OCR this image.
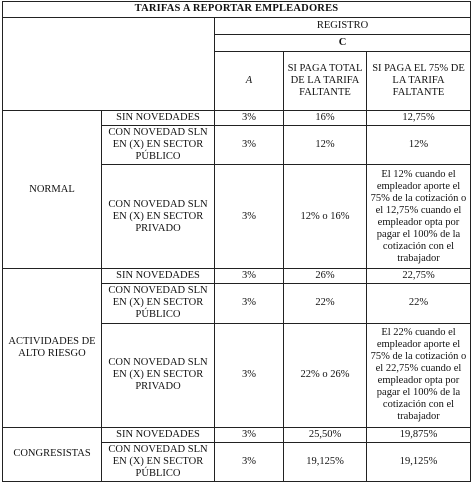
TARIFAS A REPORTAR EMPLEADORES				
		REGISTRO		
		C		
		A	SI PAGA TOTAL DE LA TARIFA FALTANTE	SI PAGA EL 75% DE LA TARIFA FALTANTE
NORMAL	SIN NOVEDADES	3%	16%	12,75%
	CON NOVEDAD SLN EN (X) EN SECTOR PÚBLICO	3%	12%	12%
	CON NOVEDAD SLN EN (X) EN SECTOR PRIVADO	3%	12% o 16%	El 12% cuando el empleador aporte el 75% de la cotización o el 12,75% cuando el empleador opta por pagar el 100% de la cotización con el trabajador
ACTIVIDADES DE ALTO RIESGO	SIN NOVEDADES	3%	26%	22,75%
	CON NOVEDAD SLN EN (X) EN SECTOR PÚBLICO	3%	22%	22%
	CON NOVEDAD SLN EN (X) EN SECTOR PRIVADO	3%	22% o 26%	El 22% cuando el empleador aporte el 75% de la cotización o el 22,75% cuando el empleador opta por pagar el 100% de la cotización con el trabajador
CONGRESISTAS	SIN NOVEDADES	3%	25,50%	19,875%
	CON NOVEDAD SLN EN (X) EN SECTOR PÚBLICO	3%	19,125%	19,125%
